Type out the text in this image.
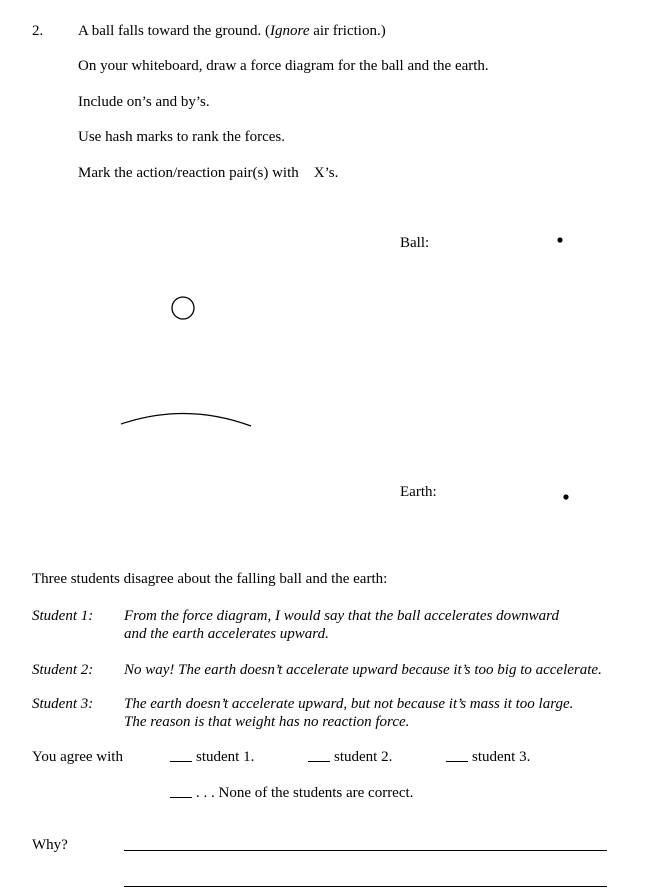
2. A ball falls toward the ground. (Ignore air friction.)
On your whiteboard, draw a force diagram for the ball and the earth.
Include on’s and by’s.
Use hash marks to rank the forces.
Mark the action/reaction pair(s) with    X’s.
Ball:
Earth:
Three students disagree about the falling ball and the earth:
Student 1: From the force diagram, I would say that the ball accelerates downward
and the earth accelerates upward.
Student 2: No way! The earth doesn’t accelerate upward because it’s too big to accelerate.
Student 3: The earth doesn’t accelerate upward, but not because it’s mass it too large.
The reason is that weight has no reaction force.
You agree with	student 1.	student 2.	student 3.
. . . None of the students are correct.
Why?
